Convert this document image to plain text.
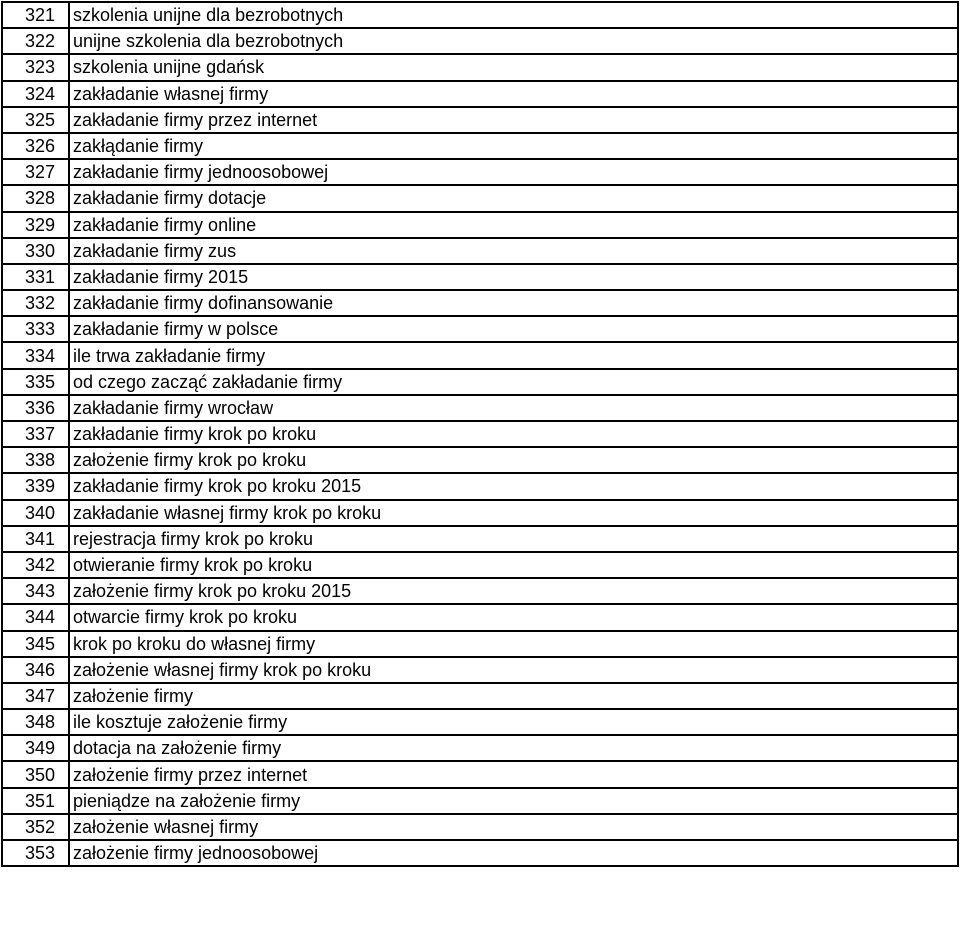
321	szkolenia unijne dla bezrobotnych
322	unijne szkolenia dla bezrobotnych
323	szkolenia unijne gdańsk
324	zakładanie własnej firmy
325	zakładanie firmy przez internet
326	zakłądanie firmy
327	zakładanie firmy jednoosobowej
328	zakładanie firmy dotacje
329	zakładanie firmy online
330	zakładanie firmy zus
331	zakładanie firmy 2015
332	zakładanie firmy dofinansowanie
333	zakładanie firmy w polsce
334	ile trwa zakładanie firmy
335	od czego zacząć zakładanie firmy
336	zakładanie firmy wrocław
337	zakładanie firmy krok po kroku
338	założenie firmy krok po kroku
339	zakładanie firmy krok po kroku 2015
340	zakładanie własnej firmy krok po kroku
341	rejestracja firmy krok po kroku
342	otwieranie firmy krok po kroku
343	założenie firmy krok po kroku 2015
344	otwarcie firmy krok po kroku
345	krok po kroku do własnej firmy
346	założenie własnej firmy krok po kroku
347	założenie firmy
348	ile kosztuje założenie firmy
349	dotacja na założenie firmy
350	założenie firmy przez internet
351	pieniądze na założenie firmy
352	założenie własnej firmy
353	założenie firmy jednoosobowej
